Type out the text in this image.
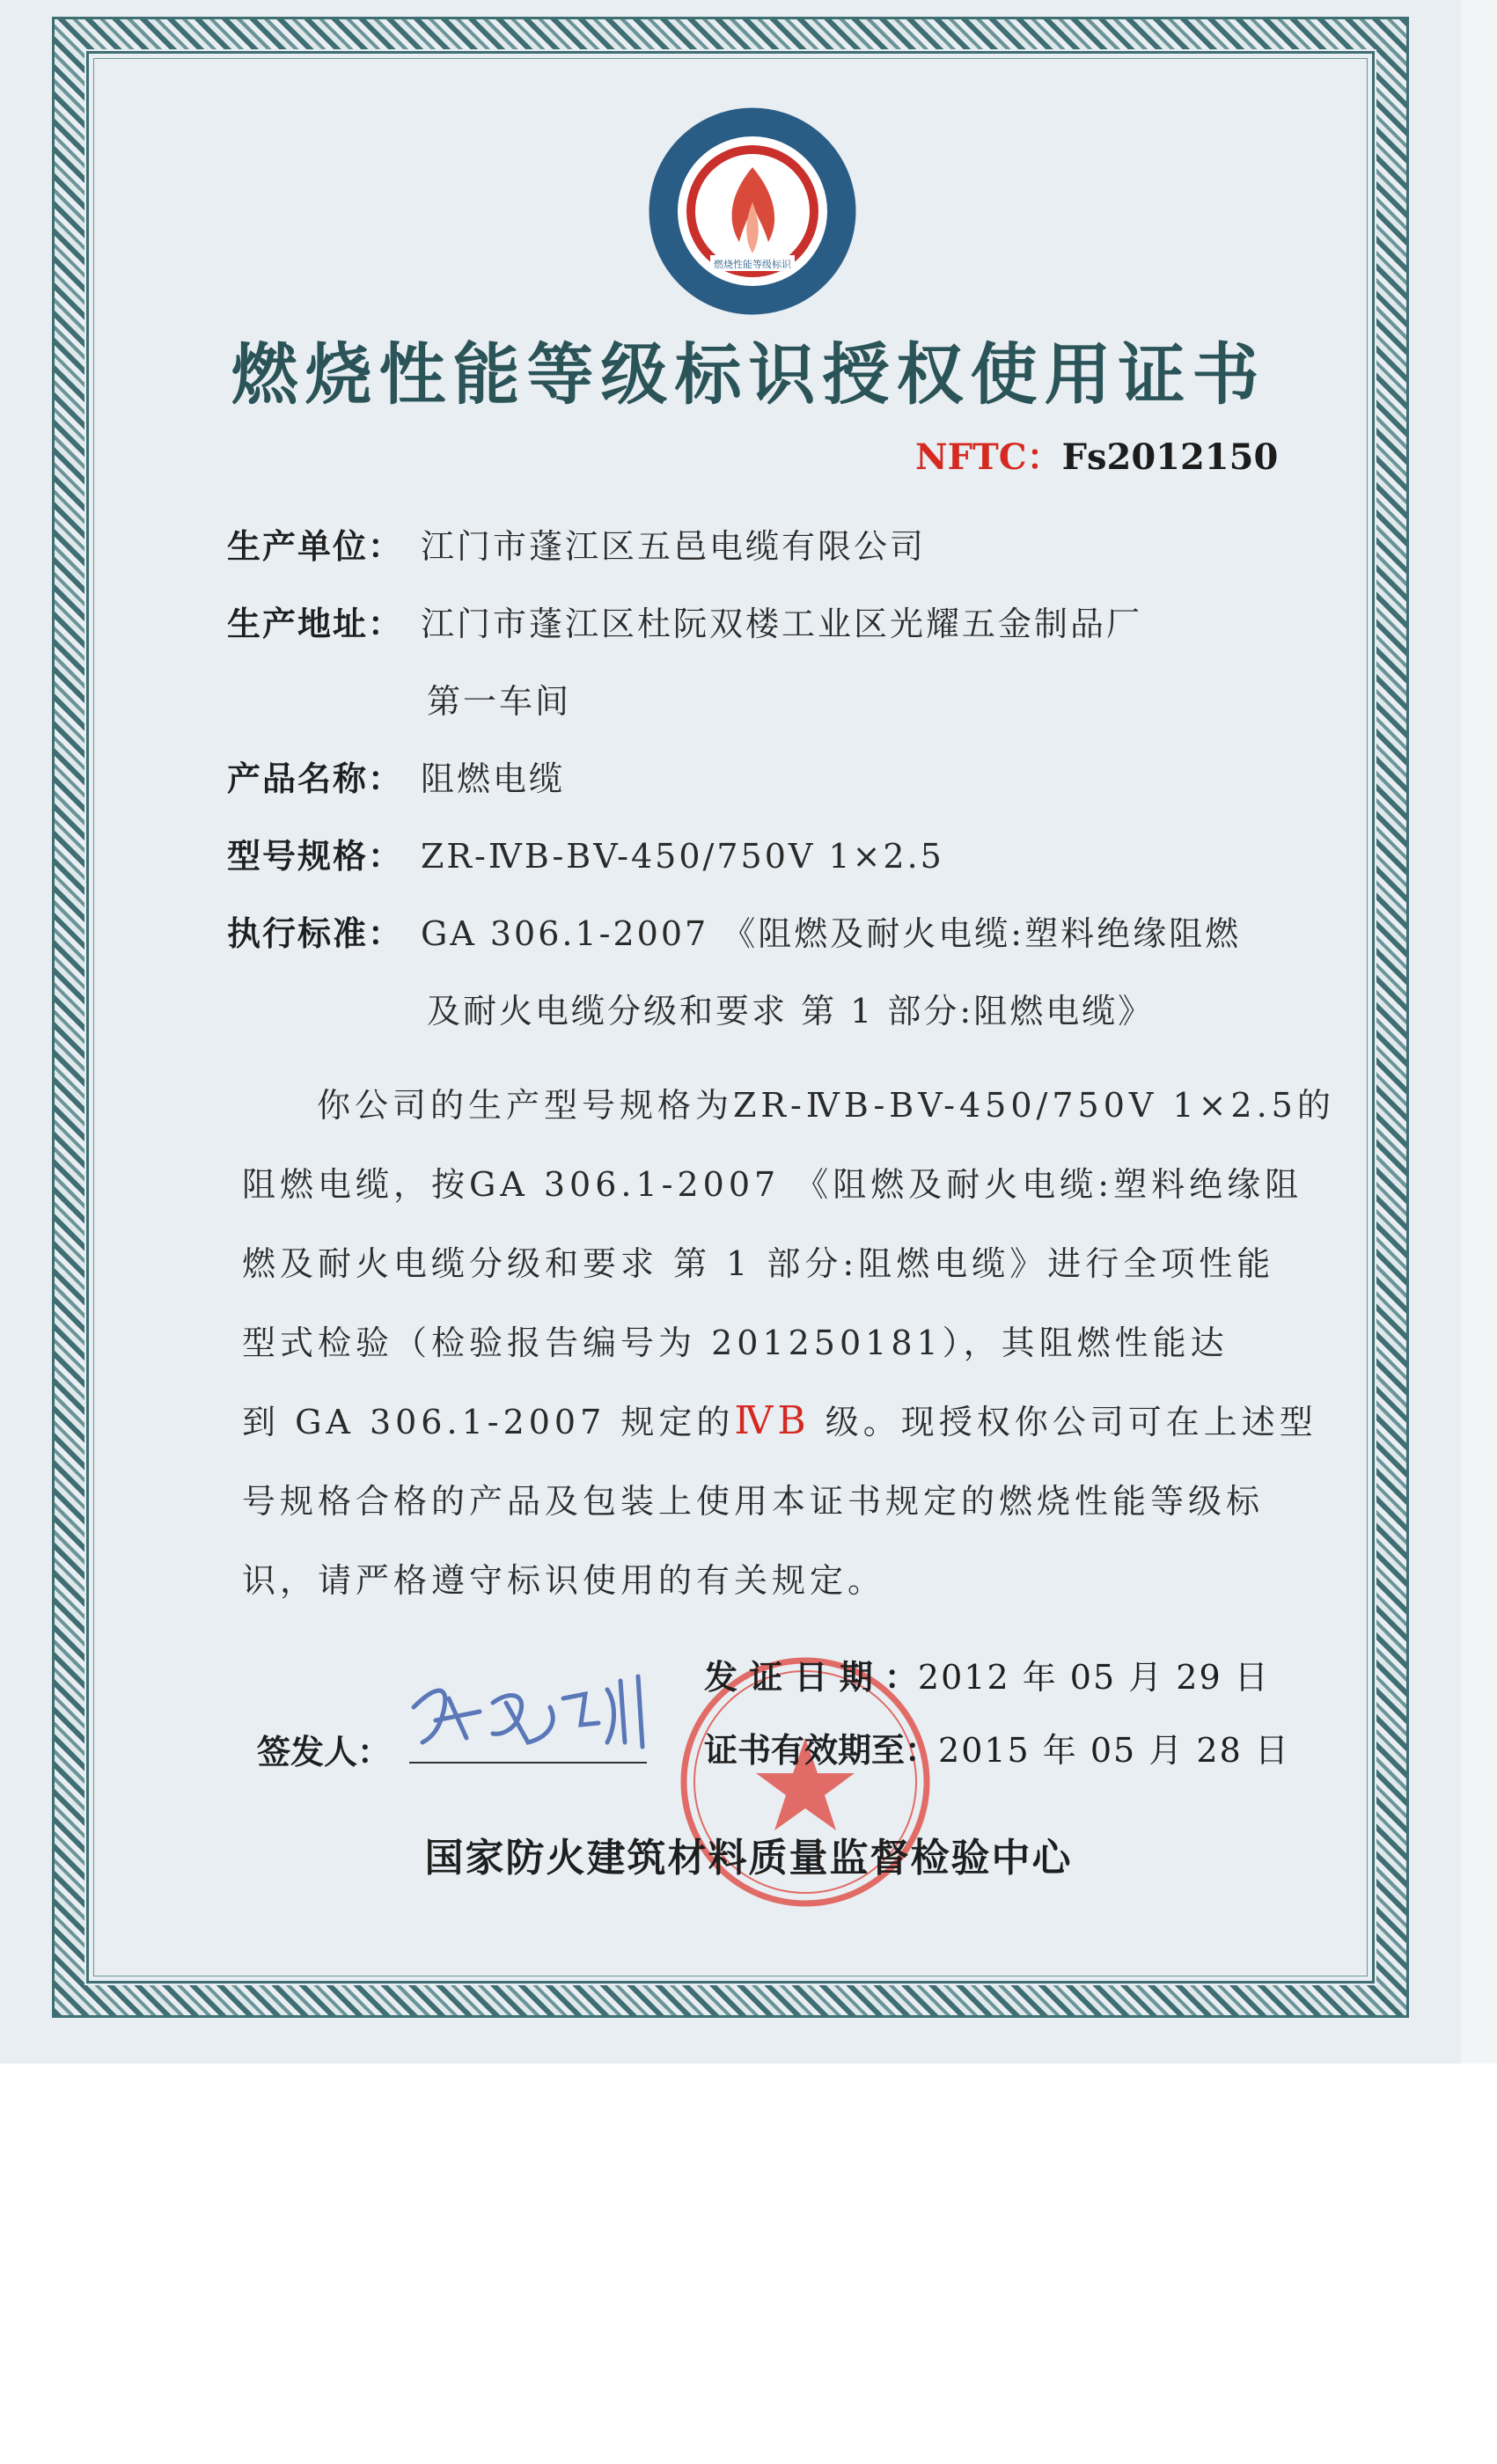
燃烧性能等级标识
燃烧性能等级标识授权使用证书
NFTC：Fs2012150
生产单位： 江门市蓬江区五邑电缆有限公司
生产地址： 江门市蓬江区杜阮双楼工业区光耀五金制品厂
第一车间
产品名称： 阻燃电缆
型号规格： ZR-ⅣB-BV-450/750V 1×2.5
执行标准： GA 306.1-2007 《阻燃及耐火电缆:塑料绝缘阻燃
及耐火电缆分级和要求 第 1 部分:阻燃电缆》
你公司的生产型号规格为ZR-ⅣB-BV-450/750V 1×2.5的
阻燃电缆，按GA 306.1-2007 《阻燃及耐火电缆:塑料绝缘阻
燃及耐火电缆分级和要求 第 1 部分:阻燃电缆》进行全项性能
型式检验（检验报告编号为 201250181），其阻燃性能达
到 GA 306.1-2007 规定的ⅣB 级。现授权你公司可在上述型
号规格合格的产品及包装上使用本证书规定的燃烧性能等级标
识，请严格遵守标识使用的有关规定。
发 证 日 期 ：2012 年 05 月 29 日
证书有效期至：2015 年 05 月 28 日
签发人：
国家防火建筑材料质量监督检验中心
